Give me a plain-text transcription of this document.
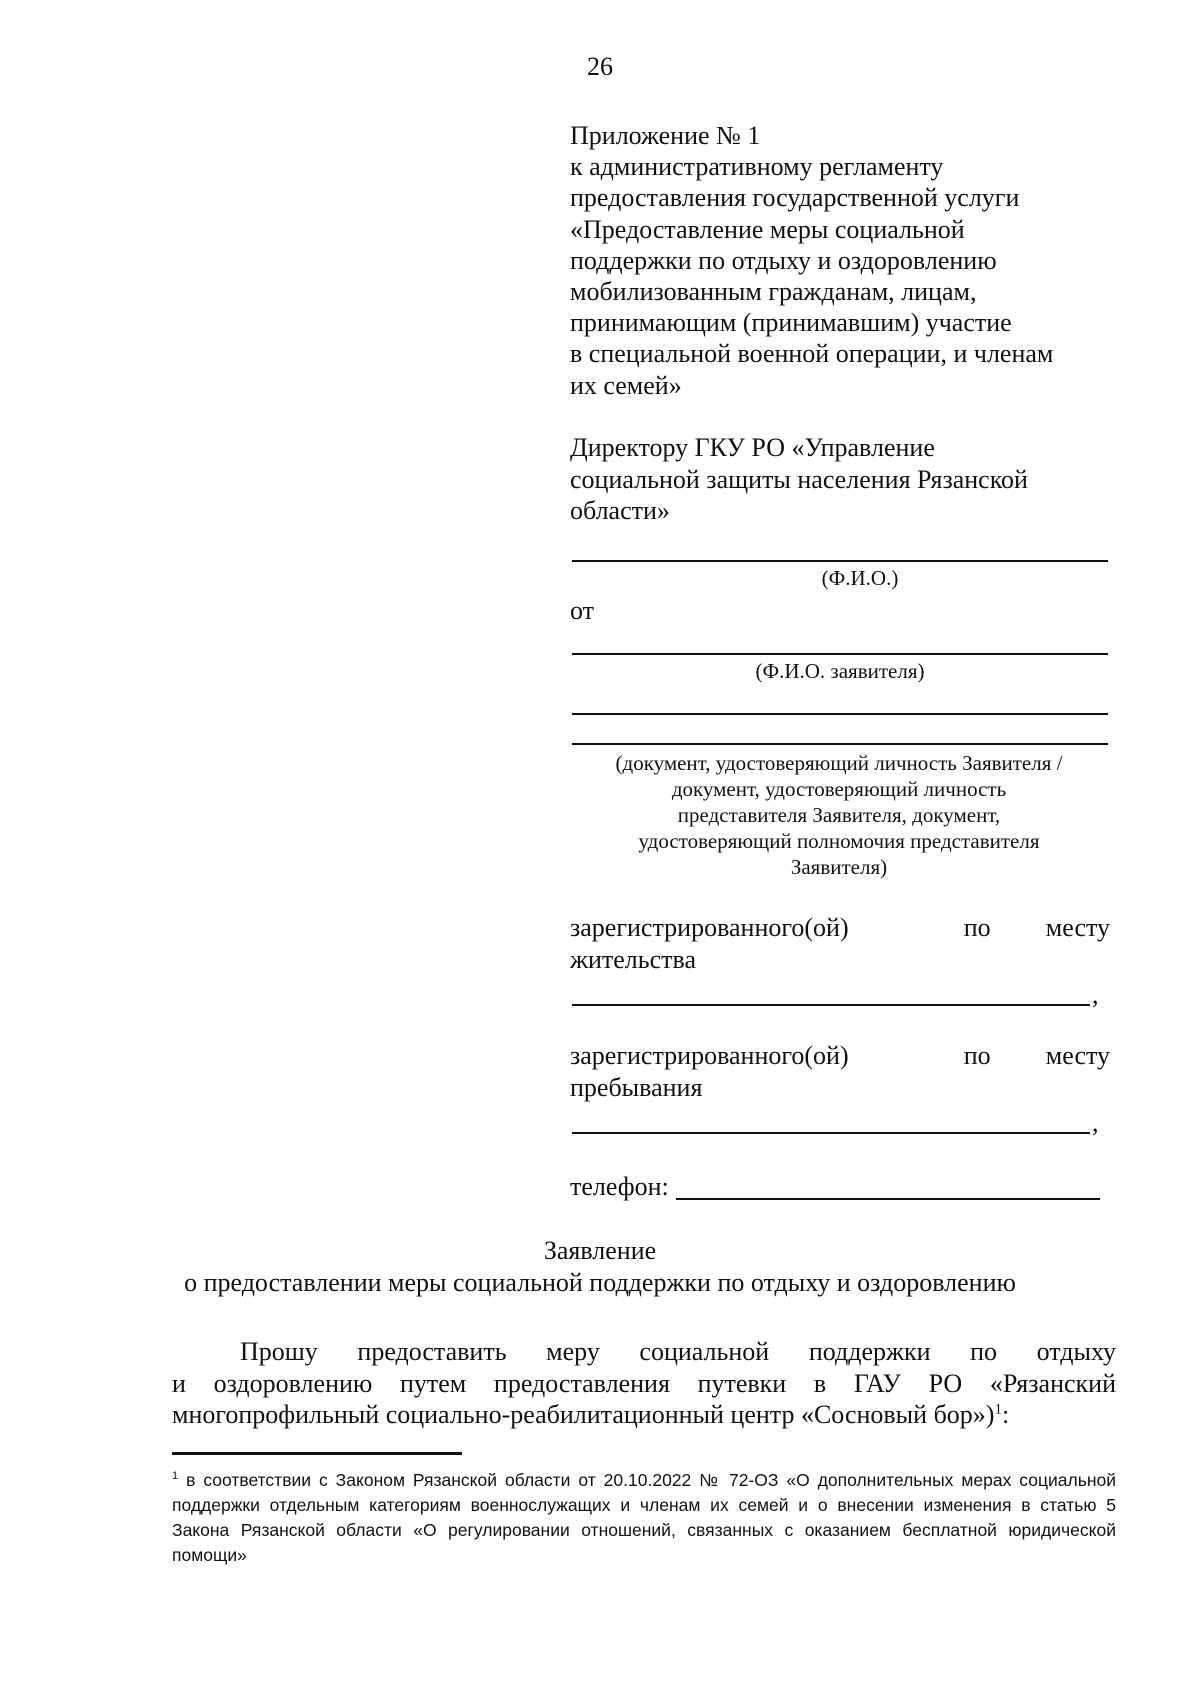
26
Приложение № 1
к административному регламенту
предоставления государственной услуги
«Предоставление меры социальной
поддержки по отдыху и оздоровлению
мобилизованным гражданам, лицам,
принимающим (принимавшим) участие
в специальной военной операции, и членам
их семей»
Директору ГКУ РО «Управление
социальной защиты населения Рязанской
области»
(Ф.И.О.)
от
(Ф.И.О. заявителя)
(документ, удостоверяющий личность Заявителя /
документ, удостоверяющий личность
представителя Заявителя, документ,
удостоверяющий полномочия представителя
Заявителя)
зарегистрированного(ой)	по месту
жительства
,
зарегистрированного(ой)	по месту
пребывания
,
телефон:
Заявление
о предоставлении меры социальной поддержки по отдыху и оздоровлению
Прошу предоставить меру социальной поддержки по отдыху
и оздоровлению путем предоставления путевки в ГАУ РО «Рязанский
многопрофильный социально-реабилитационный центр «Сосновый бор»)$^1$:
$^1$ в соответствии с Законом Рязанской области от 20.10.2022 № 72-ОЗ «О дополнительных мерах социальной
поддержки отдельным категориям военнослужащих и членам их семей и о внесении изменения в статью 5
Закона Рязанской области «О регулировании отношений, связанных с оказанием бесплатной юридической
помощи»
